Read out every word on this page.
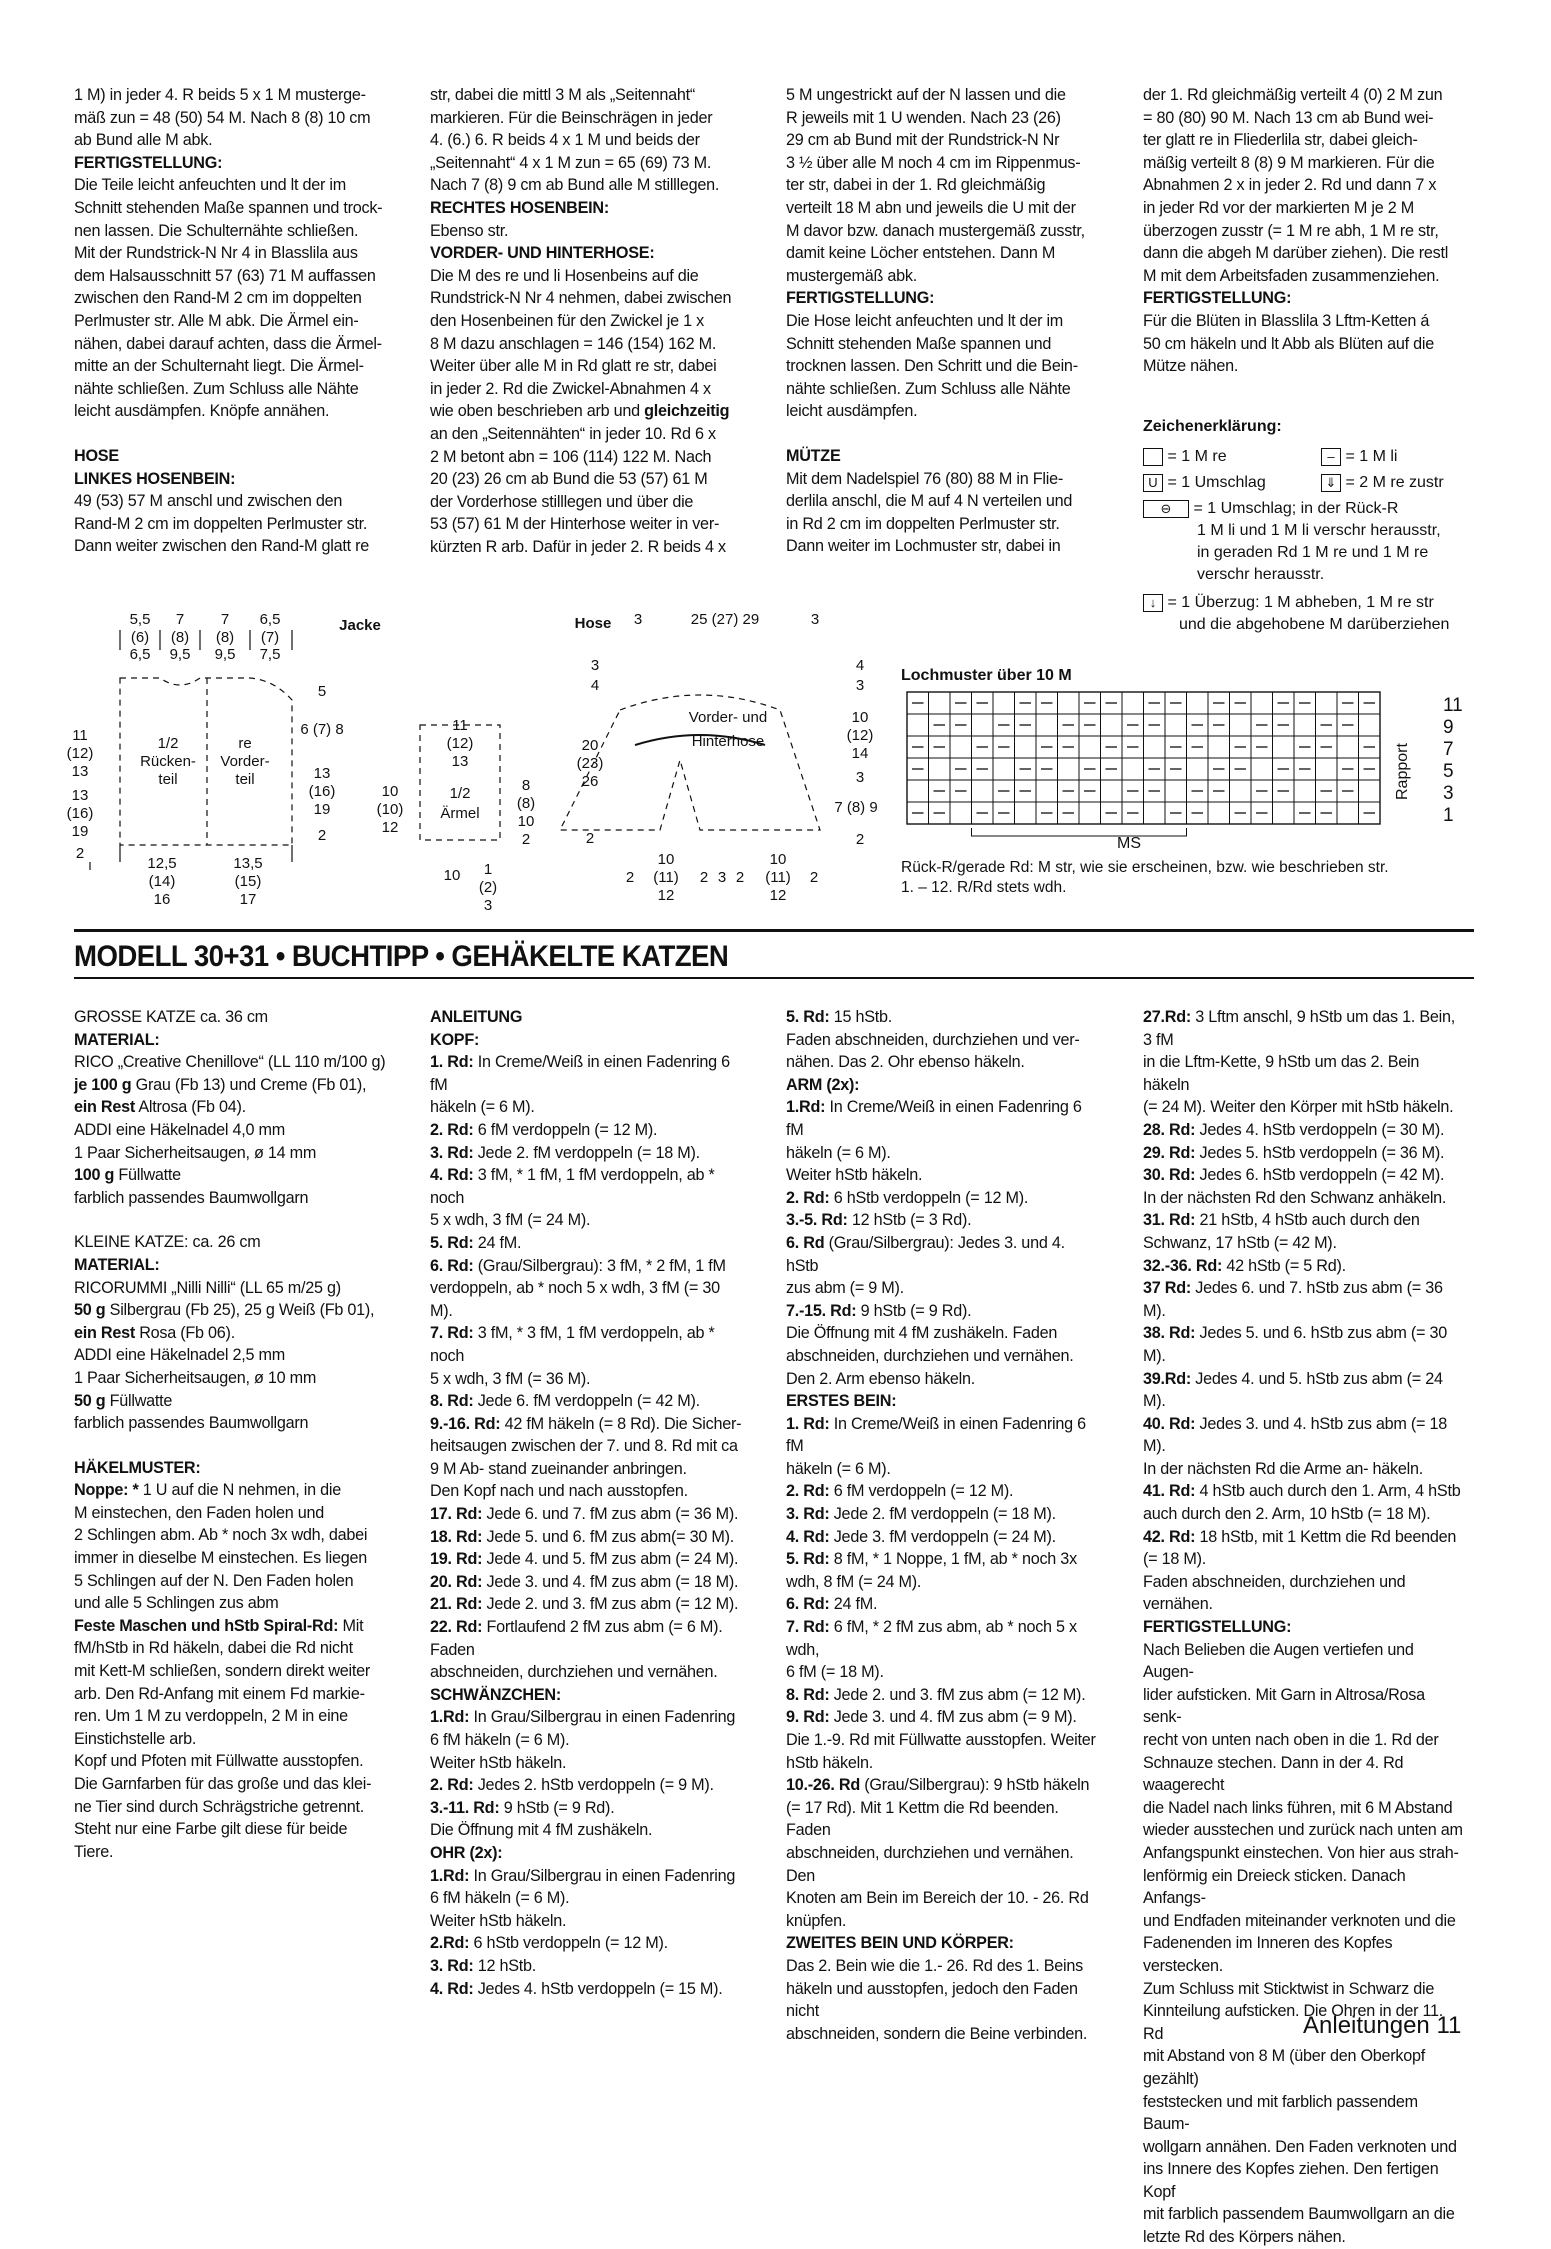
1 M) in jeder 4. R beids 5 x 1 M musterge-

mäß zun = 48 (50) 54 M. Nach 8 (8) 10 cm

ab Bund alle M abk.

FERTIGSTELLUNG:

Die Teile leicht anfeuchten und lt der im

Schnitt stehenden Maße spannen und trock-

nen lassen. Die Schulternähte schließen.

Mit der Rundstrick-N Nr 4 in Blasslila aus

dem Halsausschnitt 57 (63) 71 M auffassen

zwischen den Rand-M 2 cm im doppelten

Perlmuster str. Alle M abk. Die Ärmel ein-

nähen, dabei darauf achten, dass die Ärmel-

mitte an der Schulternaht liegt. Die Ärmel-

nähte schließen. Zum Schluss alle Nähte

leicht ausdämpfen. Knöpfe annähen.

HOSE

LINKES HOSENBEIN:

49 (53) 57 M anschl und zwischen den

Rand-M 2 cm im doppelten Perlmuster str.

Dann weiter zwischen den Rand-M glatt re

str, dabei die mittl 3 M als „Seitennaht“

markieren. Für die Beinschrägen in jeder

4. (6.) 6. R beids 4 x 1 M und beids der

„Seitennaht“ 4 x 1 M zun = 65 (69) 73 M.

Nach 7 (8) 9 cm ab Bund alle M stilllegen.

RECHTES HOSENBEIN:

Ebenso str.

VORDER- UND HINTERHOSE:

Die M des re und li Hosenbeins auf die

Rundstrick-N Nr 4 nehmen, dabei zwischen

den Hosenbeinen für den Zwickel je 1 x

8 M dazu anschlagen = 146 (154) 162 M.

Weiter über alle M in Rd glatt re str, dabei

in jeder 2. Rd die Zwickel-Abnahmen 4 x

wie oben beschrieben arb und gleichzeitig

an den „Seitennähten“ in jeder 10. Rd 6 x

2 M betont abn = 106 (114) 122 M. Nach

20 (23) 26 cm ab Bund die 53 (57) 61 M

der Vorderhose stilllegen und über die

53 (57) 61 M der Hinterhose weiter in ver-

kürzten R arb. Dafür in jeder 2. R beids 4 x

5 M ungestrickt auf der N lassen und die

R jeweils mit 1 U wenden. Nach 23 (26)

29 cm ab Bund mit der Rundstrick-N Nr

3 ½ über alle M noch 4 cm im Rippenmus-

ter str, dabei in der 1. Rd gleichmäßig

verteilt 18 M abn und jeweils die U mit der

M davor bzw. danach mustergemäß zusstr,

damit keine Löcher entstehen. Dann M

mustergemäß abk.

FERTIGSTELLUNG:

Die Hose leicht anfeuchten und lt der im

Schnitt stehenden Maße spannen und

trocknen lassen. Den Schritt und die Bein-

nähte schließen. Zum Schluss alle Nähte

leicht ausdämpfen.

MÜTZE

Mit dem Nadelspiel 76 (80) 88 M in Flie-

derlila anschl, die M auf 4 N verteilen und

in Rd 2 cm im doppelten Perlmuster str.

Dann weiter im Lochmuster str, dabei in

der 1. Rd gleichmäßig verteilt 4 (0) 2 M zun

= 80 (80) 90 M. Nach 13 cm ab Bund wei-

ter glatt re in Fliederlila str, dabei gleich-

mäßig verteilt 8 (8) 9 M markieren. Für die

Abnahmen 2 x in jeder 2. Rd und dann 7 x

in jeder Rd vor der markierten M je 2 M

überzogen zusstr (= 1 M re abh, 1 M re str,

dann die abgeh M darüber ziehen). Die restl

M mit dem Arbeitsfaden zusammenziehen.

FERTIGSTELLUNG:

Für die Blüten in Blasslila 3 Lftm-Ketten á

50 cm häkeln und lt Abb als Blüten auf die

Mütze nähen.

Zeichenerklärung:
= 1 M re	– = 1 M li
U = 1 Umschlag	⇓ = 2 M re zustr
⊖ = 1 Umschlag; in der Rück-R
1 M li und 1 M li verschr herausstr,
in geraden Rd 1 M re und 1 M re
verschr herausstr.
↓ = 1 Überzug: 1 M abheben, 1 M re str
und die abgehobene M darüberziehen
Jacke
5,5
(6)
6,5
7
(8)
9,5
7
(8)
9,5
6,5
(7)
7,5
11
(12)
13
13
(16)
19
2
1/2
Rücken-
teil
re
Vorder-
teil
5
6 (7) 8
13
(16)
19
2
12,5
(14)
16
13,5
(15)
17
10
(10)
12
11
(12)
13
1/2
Ärmel
8
(8)
10
2
10 1
(2)
3
Hose 3	25 (27) 29	3
3
4
20
(23)
26
2
Vorder- und
Hinterhose
4
3
10
(12)
14
3
7 (8) 9
2
10
(11)
12
10
(11)
12
2	2 3 2	2
Lochmuster über 10 M
Rapport
11
9
7
5
3
1
MS
Rück-R/gerade Rd: M str, wie sie erscheinen, bzw. wie beschrieben str.
1. – 12. R/Rd stets wdh.
MODELL 30+31 • BUCHTIPP • GEHÄKELTE KATZEN

GROSSE KATZE ca. 36 cm

MATERIAL:

RICO „Creative Chenillove“ (LL 110 m/100 g)

je 100 g Grau (Fb 13) und Creme (Fb 01),

ein Rest Altrosa (Fb 04).

ADDI eine Häkelnadel 4,0 mm

1 Paar Sicherheitsaugen, ø 14 mm

100 g Füllwatte

farblich passendes Baumwollgarn

KLEINE KATZE: ca. 26 cm

MATERIAL:

RICORUMMI „Nilli Nilli“ (LL 65 m/25 g)

50 g Silbergrau (Fb 25), 25 g Weiß (Fb 01),

ein Rest Rosa (Fb 06).

ADDI eine Häkelnadel 2,5 mm

1 Paar Sicherheitsaugen, ø 10 mm

50 g Füllwatte

farblich passendes Baumwollgarn

HÄKELMUSTER:

Noppe: * 1 U auf die N nehmen, in die

M einstechen, den Faden holen und

2 Schlingen abm. Ab * noch 3x wdh, dabei

immer in dieselbe M einstechen. Es liegen

5 Schlingen auf der N. Den Faden holen

und alle 5 Schlingen zus abm

Feste Maschen und hStb Spiral-Rd: Mit

fM/hStb in Rd häkeln, dabei die Rd nicht

mit Kett-M schließen, sondern direkt weiter

arb. Den Rd-Anfang mit einem Fd markie-

ren. Um 1 M zu verdoppeln, 2 M in eine

Einstichstelle arb.

Kopf und Pfoten mit Füllwatte ausstopfen.

Die Garnfarben für das große und das klei-

ne Tier sind durch Schrägstriche getrennt.

Steht nur eine Farbe gilt diese für beide

Tiere.

ANLEITUNG

KOPF:

1. Rd: In Creme/Weiß in einen Fadenring 6 fM

häkeln (= 6 M).

2. Rd: 6 fM verdoppeln (= 12 M).

3. Rd: Jede 2. fM verdoppeln (= 18 M).

4. Rd: 3 fM, * 1 fM, 1 fM verdoppeln, ab * noch

5 x wdh, 3 fM (= 24 M).

5. Rd: 24 fM.

6. Rd: (Grau/Silbergrau): 3 fM, * 2 fM, 1 fM

verdoppeln, ab * noch 5 x wdh, 3 fM (= 30 M).

7. Rd: 3 fM, * 3 fM, 1 fM verdoppeln, ab * noch

5 x wdh, 3 fM (= 36 M).

8. Rd: Jede 6. fM verdoppeln (= 42 M).

9.-16. Rd: 42 fM häkeln (= 8 Rd). Die Sicher-

heitsaugen zwischen der 7. und 8. Rd mit ca

9 M Ab- stand zueinander anbringen.

Den Kopf nach und nach ausstopfen.

17. Rd: Jede 6. und 7. fM zus abm (= 36 M).

18. Rd: Jede 5. und 6. fM zus abm(= 30 M).

19. Rd: Jede 4. und 5. fM zus abm (= 24 M).

20. Rd: Jede 3. und 4. fM zus abm (= 18 M).

21. Rd: Jede 2. und 3. fM zus abm (= 12 M).

22. Rd: Fortlaufend 2 fM zus abm (= 6 M). Faden

abschneiden, durchziehen und vernähen.

SCHWÄNZCHEN:

1.Rd: In Grau/Silbergrau in einen Fadenring

6 fM häkeln (= 6 M).

Weiter hStb häkeln.

2. Rd: Jedes 2. hStb verdoppeln (= 9 M).

3.-11. Rd: 9 hStb (= 9 Rd).

Die Öffnung mit 4 fM zushäkeln.

OHR (2x):

1.Rd: In Grau/Silbergrau in einen Fadenring

6 fM häkeln (= 6 M).

Weiter hStb häkeln.

2.Rd: 6 hStb verdoppeln (= 12 M).

3. Rd: 12 hStb.

4. Rd: Jedes 4. hStb verdoppeln (= 15 M).

5. Rd: 15 hStb.

Faden abschneiden, durchziehen und ver-

nähen. Das 2. Ohr ebenso häkeln.

ARM (2x):

1.Rd: In Creme/Weiß in einen Fadenring 6 fM

häkeln (= 6 M).

Weiter hStb häkeln.

2. Rd: 6 hStb verdoppeln (= 12 M).

3.-5. Rd: 12 hStb (= 3 Rd).

6. Rd (Grau/Silbergrau): Jedes 3. und 4. hStb

zus abm (= 9 M).

7.-15. Rd: 9 hStb (= 9 Rd).

Die Öffnung mit 4 fM zushäkeln. Faden

abschneiden, durchziehen und vernähen.

Den 2. Arm ebenso häkeln.

ERSTES BEIN:

1. Rd: In Creme/Weiß in einen Fadenring 6 fM

häkeln (= 6 M).

2. Rd: 6 fM verdoppeln (= 12 M).

3. Rd: Jede 2. fM verdoppeln (= 18 M).

4. Rd: Jede 3. fM verdoppeln (= 24 M).

5. Rd: 8 fM, * 1 Noppe, 1 fM, ab * noch 3x

wdh, 8 fM (= 24 M).

6. Rd: 24 fM.

7. Rd: 6 fM, * 2 fM zus abm, ab * noch 5 x wdh,

6 fM (= 18 M).

8. Rd: Jede 2. und 3. fM zus abm (= 12 M).

9. Rd: Jede 3. und 4. fM zus abm (= 9 M).

Die 1.-9. Rd mit Füllwatte ausstopfen. Weiter

hStb häkeln.

10.-26. Rd (Grau/Silbergrau): 9 hStb häkeln

(= 17 Rd). Mit 1 Kettm die Rd beenden. Faden

abschneiden, durchziehen und vernähen. Den

Knoten am Bein im Bereich der 10. - 26. Rd

knüpfen.

ZWEITES BEIN UND KÖRPER:

Das 2. Bein wie die 1.- 26. Rd des 1. Beins

häkeln und ausstopfen, jedoch den Faden nicht

abschneiden, sondern die Beine verbinden.

27.Rd: 3 Lftm anschl, 9 hStb um das 1. Bein, 3 fM

in die Lftm-Kette, 9 hStb um das 2. Bein häkeln

(= 24 M). Weiter den Körper mit hStb häkeln.

28. Rd: Jedes 4. hStb verdoppeln (= 30 M).

29. Rd: Jedes 5. hStb verdoppeln (= 36 M).

30. Rd: Jedes 6. hStb verdoppeln (= 42 M).

In der nächsten Rd den Schwanz anhäkeln.

31. Rd: 21 hStb, 4 hStb auch durch den

Schwanz, 17 hStb (= 42 M).

32.-36. Rd: 42 hStb (= 5 Rd).

37 Rd: Jedes 6. und 7. hStb zus abm (= 36 M).

38. Rd: Jedes 5. und 6. hStb zus abm (= 30 M).

39.Rd: Jedes 4. und 5. hStb zus abm (= 24 M).

40. Rd: Jedes 3. und 4. hStb zus abm (= 18 M).

In der nächsten Rd die Arme an- häkeln.

41. Rd: 4 hStb auch durch den 1. Arm, 4 hStb

auch durch den 2. Arm, 10 hStb (= 18 M).

42. Rd: 18 hStb, mit 1 Kettm die Rd beenden

(= 18 M).

Faden abschneiden, durchziehen und vernähen.

FERTIGSTELLUNG:

Nach Belieben die Augen vertiefen und Augen-

lider aufsticken. Mit Garn in Altrosa/Rosa senk-

recht von unten nach oben in die 1. Rd der

Schnauze stechen. Dann in der 4. Rd waagerecht

die Nadel nach links führen, mit 6 M Abstand

wieder ausstechen und zurück nach unten am

Anfangspunkt einstechen. Von hier aus strah-

lenförmig ein Dreieck sticken. Danach Anfangs-

und Endfaden miteinander verknoten und die

Fadenenden im Inneren des Kopfes verstecken.

Zum Schluss mit Sticktwist in Schwarz die

Kinnteilung aufsticken. Die Ohren in der 11. Rd

mit Abstand von 8 M (über den Oberkopf gezählt)

feststecken und mit farblich passendem Baum-

wollgarn annähen. Den Faden verknoten und

ins Innere des Kopfes ziehen. Den fertigen Kopf

mit farblich passendem Baumwollgarn an die

letzte Rd des Körpers nähen.

Anleitungen 11
